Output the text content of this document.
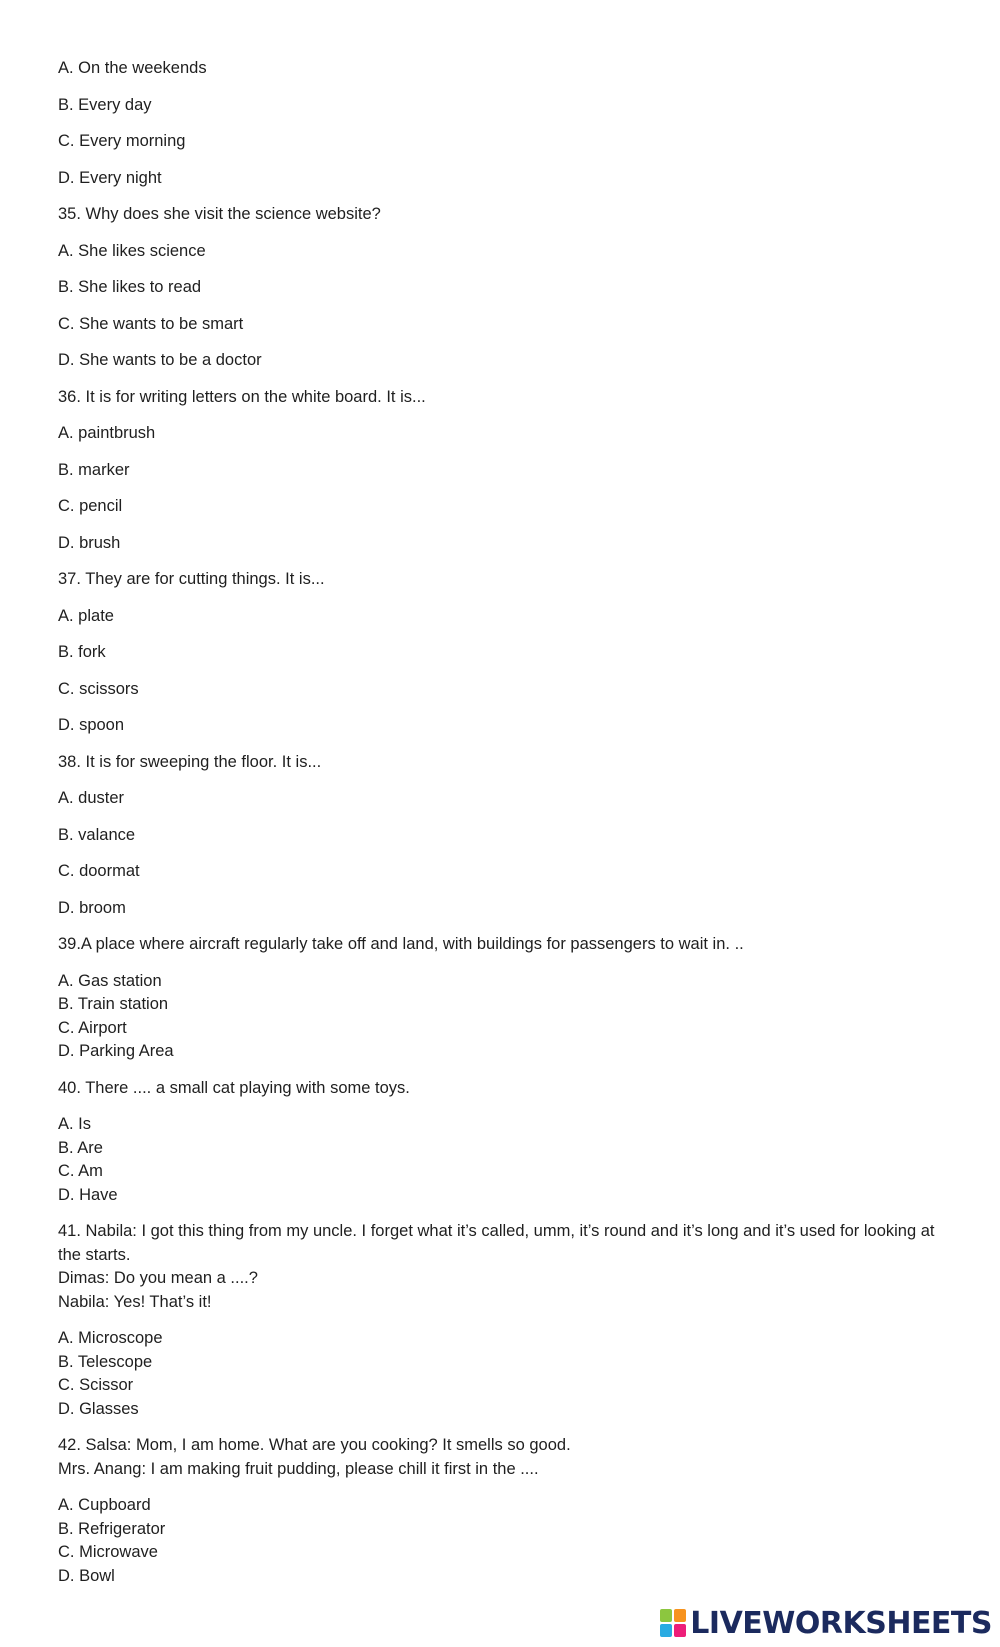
A. On the weekends
B. Every day
C. Every morning
D. Every night
35. Why does she visit the science website?
A. She likes science
B. She likes to read
C. She wants to be smart
D. She wants to be a doctor
36. It is for writing letters on the white board. It is...
A. paintbrush
B. marker
C. pencil
D. brush
37. They are for cutting things. It is...
A. plate
B. fork
C. scissors
D. spoon
38. It is for sweeping the floor. It is...
A. duster
B. valance
C. doormat
D. broom
39.A place where aircraft regularly take off and land, with buildings for passengers to wait in. ..
A. Gas station
B. Train station
C. Airport
D. Parking Area
40. There .... a small cat playing with some toys.
A. Is
B. Are
C. Am
D. Have
41. Nabila: I got this thing from my uncle. I forget what it’s called, umm, it’s round and it’s long and it’s used for looking at the starts.
Dimas: Do you mean a ....?
Nabila: Yes! That’s it!
A. Microscope
B. Telescope
C. Scissor
D. Glasses
42. Salsa: Mom, I am home. What are you cooking? It smells so good.
Mrs. Anang: I am making fruit pudding, please chill it first in the ....
A. Cupboard
B. Refrigerator
C. Microwave
D. Bowl
LIVEWORKSHEETS
